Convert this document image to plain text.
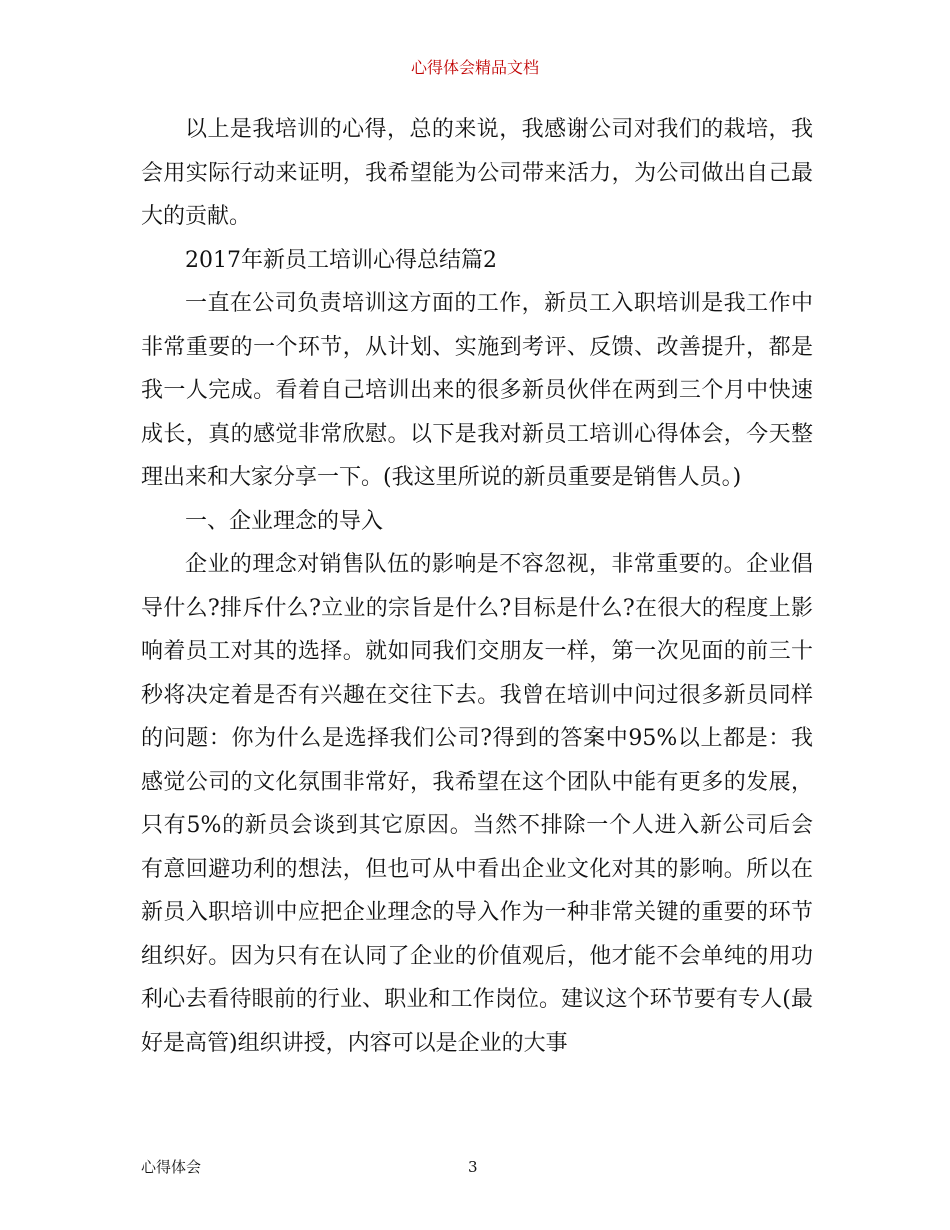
心得体会精品文档

以上是我培训的心得，总的来说，我感谢公司对我们的栽培，我会用实际行动来证明，我希望能为公司带来活力，为公司做出自己最大的贡献。

2017年新员工培训心得总结篇2

一直在公司负责培训这方面的工作，新员工入职培训是我工作中非常重要的一个环节，从计划、实施到考评、反馈、改善提升，都是我一人完成。看着自己培训出来的很多新员伙伴在两到三个月中快速成长，真的感觉非常欣慰。以下是我对新员工培训心得体会，今天整理出来和大家分享一下。(我这里所说的新员重要是销售人员。)

一、企业理念的导入

企业的理念对销售队伍的影响是不容忽视，非常重要的。企业倡导什么?排斥什么?立业的宗旨是什么?目标是什么?在很大的程度上影响着员工对其的选择。就如同我们交朋友一样，第一次见面的前三十秒将决定着是否有兴趣在交往下去。我曾在培训中问过很多新员同样的问题：你为什么是选择我们公司?得到的答案中95%以上都是：我感觉公司的文化氛围非常好，我希望在这个团队中能有更多的发展，只有5%的新员会谈到其它原因。当然不排除一个人进入新公司后会有意回避功利的想法，但也可从中看出企业文化对其的影响。所以在新员入职培训中应把企业理念的导入作为一种非常关键的重要的环节组织好。因为只有在认同了企业的价值观后，他才能不会单纯的用功利心去看待眼前的行业、职业和工作岗位。建议这个环节要有专人(最好是高管)组织讲授，内容可以是企业的大事

心得体会	3
